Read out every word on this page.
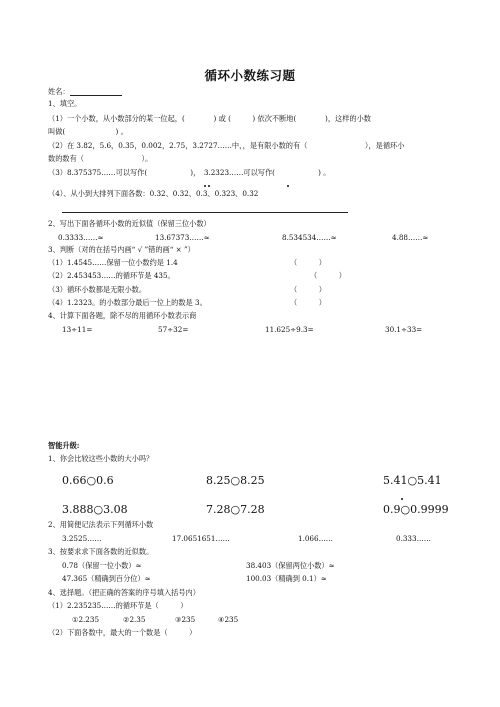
循环小数练习题
姓名：
1、填空。
（1）一个小数，从小数部分的某一位起，(　　　　) 或 (　　　) 依次不断地(　　　　)，这样的小数
叫做(　　　　　　　) 。
（2）在 3.82，5.6，0.35，0.002，2.75，3.2727……中，，是有限小数的有（　　　　　　　　），是循环小
数的数有（　　　　　　　　）。
（3）8.375375……可以写作(　　　　　　)，　3.2323……可以写作(　　　　　　) 。
（4）、从小到大排列下面各数：0.32、0.32、0.3、0.323、0.32
2、写出下面各循环小数的近似值（保留三位小数）
0.3333……≈	13.67373……≈	8.534534……≈	4.88……≈
3、判断（对的在括号内画“ √ ”错的画“ × ”）
（1）1.4545……保留一位小数约是 1.4	（　　　）
（2）2.453453……的循环节是 435。	（　　　）
（3）循环小数都是无限小数。	（　　　）
（4）1.2323。的小数部分最后一位上的数是 3。	（　　　）
4、计算下面各题，除不尽的用循环小数表示商
13÷11=	57÷32=	11.625÷9.3=	30.1÷33=
智能升级:
1、你会比较这些小数的大小吗？
0.66○0.6	8.25○8.25	5.41○5.41
3.888○3.08	7.28○7.28	0.9○0.9999
2、用简便记法表示下列循环小数
3.2525……	17.0651651……	1.066……	0.333……
3、按要求求下面各数的近似数。
0.78（保留一位小数）≈	38.403（保留两位小数）≈
47.365（精确到百分位）≈	100.03（精确到 0.1）≈
4、选择题。（把正确的答案的序号填入括号内）
（1）2.235235……的循环节是（　　　）
①2.235	②2.35	③235	④235
（2）下面各数中，最大的一个数是（　　　）
